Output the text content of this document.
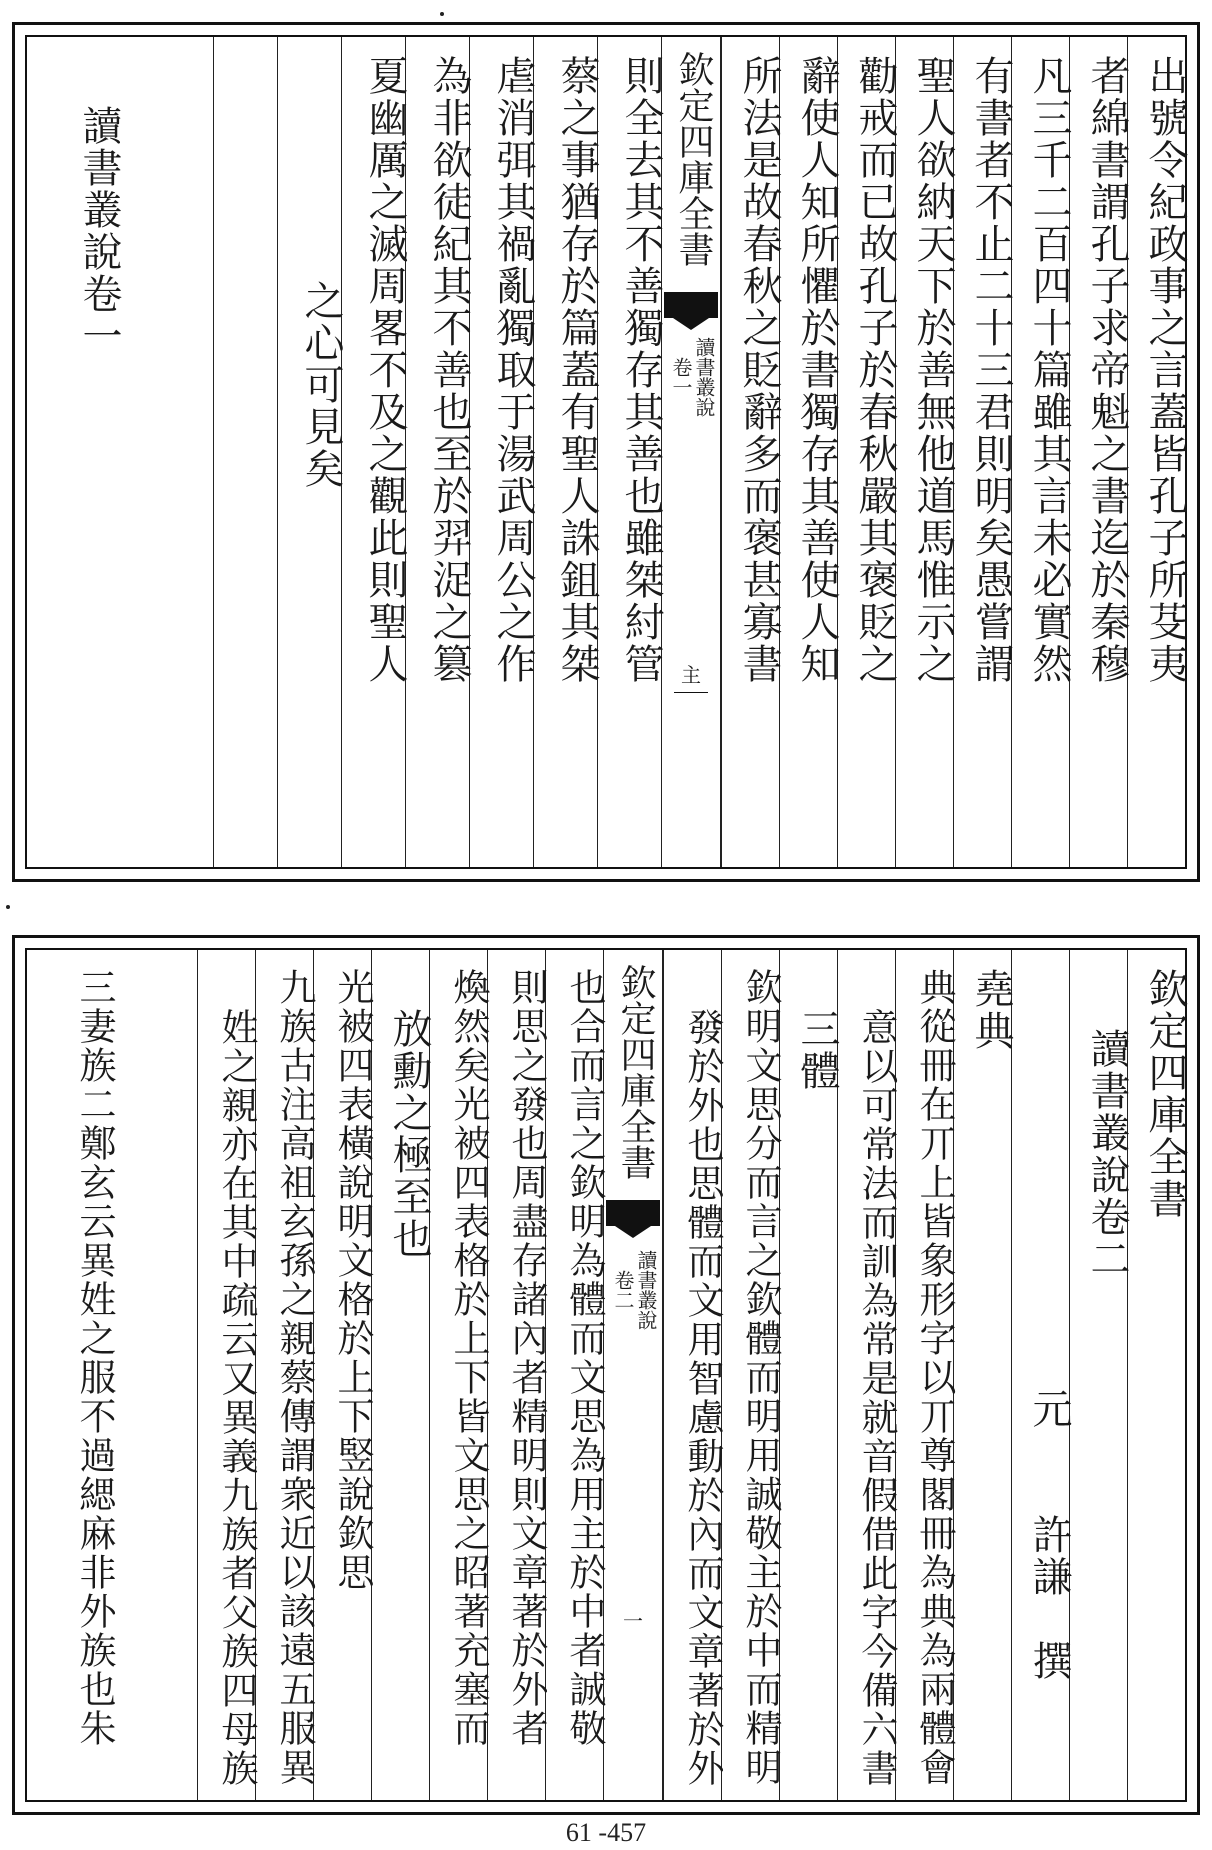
出號令紀政事之言蓋皆孔子所芟夷
者綿書謂孔子求帝魁之書迄於秦穆
凡三千二百四十篇雖其言未必實然
有書者不止二十三君則明矣愚嘗謂
聖人欲納天下於善無他道馬惟示之
勸戒而已故孔子於春秋嚴其褒貶之
辭使人知所懼於書獨存其善使人知
所法是故春秋之貶辭多而褒甚寡書
欽定四庫全書
讀書叢說
卷一
主
則全去其不善獨存其善也雖桀紂管
蔡之事猶存於篇蓋有聖人誅鉏其桀
虐消弭其禍亂獨取于湯武周公之作
為非欲徒紀其不善也至於羿浞之篡
夏幽厲之滅周畧不及之觀此則聖人
之心可見矣
讀書叢說卷一
欽定四庫全書
讀書叢說卷二
元　　許謙　撰
堯典
典從冊在丌上皆象形字以丌尊閣冊為典為兩體會
意以可常法而訓為常是就音假借此字今備六書
三體
欽明文思分而言之欽體而明用誠敬主於中而精明
發於外也思體而文用智慮動於內而文章著於外
欽定四庫全書
讀書叢說
卷二
一
也合而言之欽明為體而文思為用主於中者誠敬
則思之發也周盡存諸內者精明則文章著於外者
煥然矣光被四表格於上下皆文思之昭著充塞而
放勳之極至也
光被四表橫說明文格於上下竪說欽思
九族古注高祖玄孫之親蔡傳謂衆近以該遠五服異
姓之親亦在其中疏云又異義九族者父族四母族
三妻族二鄭玄云異姓之服不過緦麻非外族也朱
61 -457
